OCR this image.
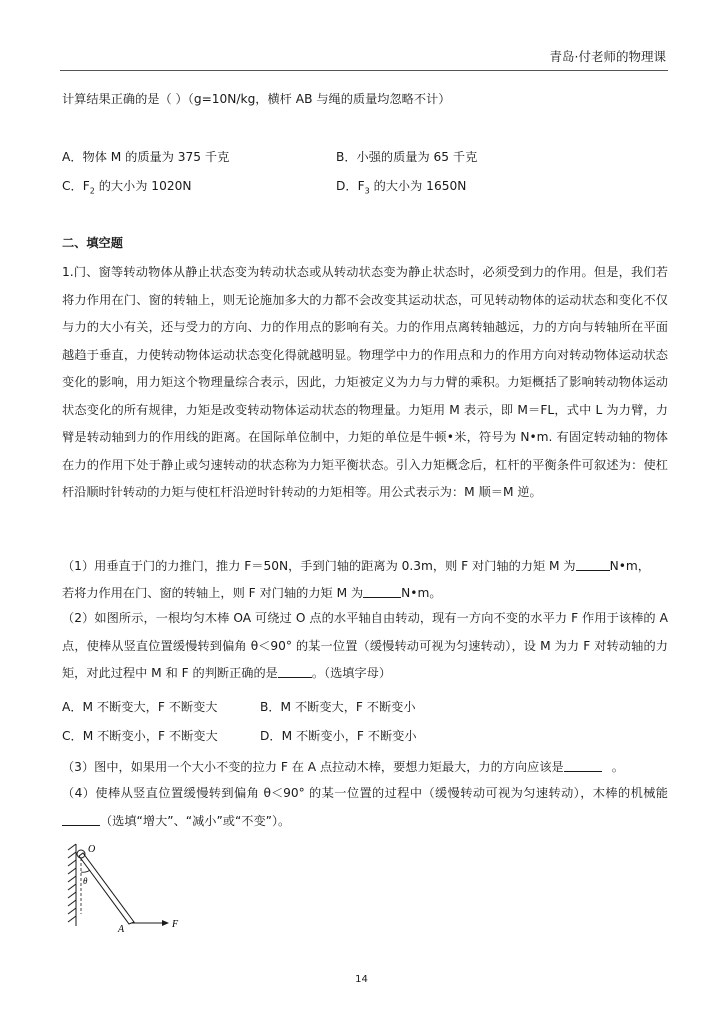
青岛·付老师的物理课
计算结果正确的是（ ）（g=10N/kg，横杆 AB 与绳的质量均忽略不计）
A．物体 M 的质量为 375 千克	B．小强的质量为 65 千克
C．$F_2$ 的大小为 1020N	D．$F_3$ 的大小为 1650N
二、填空题
1.门、窗等转动物体从静止状态变为转动状态或从转动状态变为静止状态时，必须受到力的作用。但是，我们若将力作用在门、窗的转轴上，则无论施加多大的力都不会改变其运动状态，可见转动物体的运动状态和变化不仅与力的大小有关，还与受力的方向、力的作用点的影响有关。力的作用点离转轴越远，力的方向与转轴所在平面越趋于垂直，力使转动物体运动状态变化得就越明显。物理学中力的作用点和力的作用方向对转动物体运动状态变化的影响，用力矩这个物理量综合表示，因此，力矩被定义为力与力臂的乘积。力矩概括了影响转动物体运动状态变化的所有规律，力矩是改变转动物体运动状态的物理量。力矩用 M 表示，即 M＝FL，式中 L 为力臂，力臂是转动轴到力的作用线的距离。在国际单位制中，力矩的单位是牛顿•米，符号为 N•m. 有固定转动轴的物体在力的作用下处于静止或匀速转动的状态称为力矩平衡状态。引入力矩概念后，杠杆的平衡条件可叙述为：使杠杆沿顺时针转动的力矩与使杠杆沿逆时针转动的力矩相等。用公式表示为：M 顺＝M 逆。
（1）用垂直于门的力推门，推力 F＝50N，手到门轴的距离为 0.3m，则 F 对门轴的力矩 M 为	N•m，
若将力作用在门、窗的转轴上，则 F 对门轴的力矩 M 为	N•m。
（2）如图所示，一根均匀木棒 OA 可绕过 O 点的水平轴自由转动，现有一方向不变的水平力 F 作用于该棒的 A 点，使棒从竖直位置缓慢转到偏角 θ＜90° 的某一位置（缓慢转动可视为匀速转动），设 M 为力 F 对转动轴的力矩，对此过程中 M 和 F 的判断正确的是	。（选填字母）
A．M 不断变大，F 不断变大	B．M 不断变大，F 不断变小
C．M 不断变小，F 不断变大	D．M 不断变小，F 不断变小
（3）图中，如果用一个大小不变的拉力 F 在 A 点拉动木棒，要想力矩最大，力的方向应该是	。
（4）使棒从竖直位置缓慢转到偏角 θ＜90° 的某一位置的过程中（缓慢转动可视为匀速转动），木棒的机械能（选填“增大”、“减小”或“不变”）。
O
θ
A	F
14
